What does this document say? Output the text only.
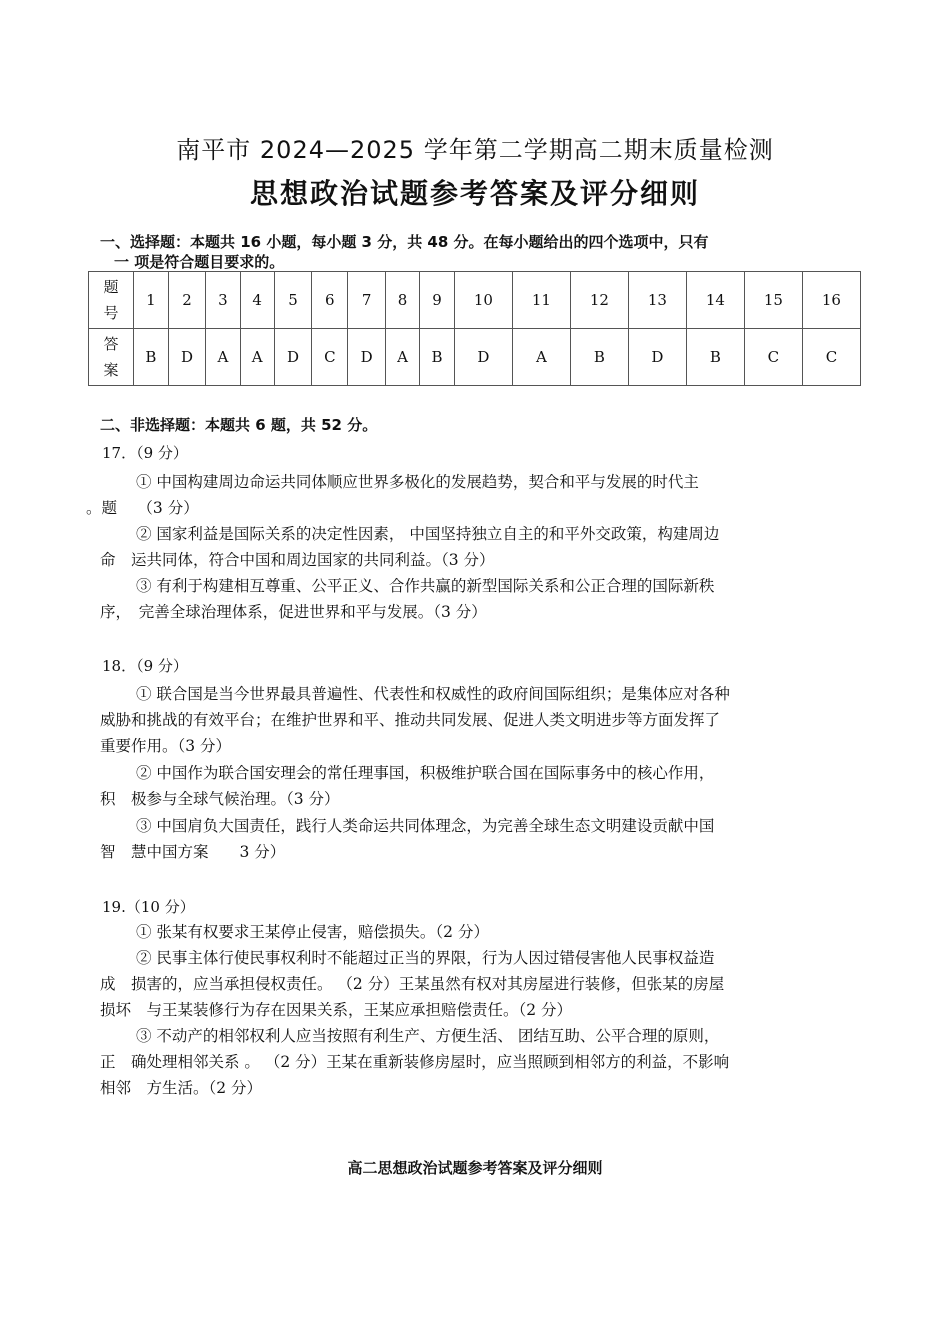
南平市 2024—2025 学年第二学期高二期末质量检测
思想政治试题参考答案及评分细则
一、选择题：本题共 16 小题，每小题 3 分，共 48 分。在每小题给出的四个选项中，只有
一 项是符合题目要求的。
题
号	1	2	3	4	5	6	7	8	9	10	11	12	13	14	15	16
答
案	B	D	A	A	D	C	D	A	B	D	A	B	D	B	C	C
二、非选择题：本题共 6 题，共 52 分。
17．（9 分）
① 中国构建周边命运共同体顺应世界多极化的发展趋势，契合和平与发展的时代主
。题　 （3 分）
② 国家利益是国际关系的决定性因素， 中国坚持独立自主的和平外交政策，构建周边
命　运共同体，符合中国和周边国家的共同利益。（3 分）
③ 有利于构建相互尊重、公平正义、合作共赢的新型国际关系和公正合理的国际新秩
序，　完善全球治理体系，促进世界和平与发展。（3 分）
18．（9 分）
① 联合国是当今世界最具普遍性、代表性和权威性的政府间国际组织；是集体应对各种
威胁和挑战的有效平台；在维护世界和平、推动共同发展、促进人类文明进步等方面发挥了
重要作用。（3 分）
② 中国作为联合国安理会的常任理事国，积极维护联合国在国际事务中的核心作用，
积　极参与全球气候治理。（3 分）
③ 中国肩负大国责任，践行人类命运共同体理念，为完善全球生态文明建设贡献中国
智　慧中国方案　　3 分）
19.（10 分）
① 张某有权要求王某停止侵害，赔偿损失。（2 分）
② 民事主体行使民事权利时不能超过正当的界限，行为人因过错侵害他人民事权益造
成　损害的，应当承担侵权责任。 （2 分）王某虽然有权对其房屋进行装修，但张某的房屋
损坏　与王某装修行为存在因果关系，王某应承担赔偿责任。（2 分）
③ 不动产的相邻权利人应当按照有利生产、方便生活、 团结互助、公平合理的原则，
正　确处理相邻关系 。 （2 分）王某在重新装修房屋时，应当照顾到相邻方的利益，不影响
相邻　方生活。（2 分）
高二思想政治试题参考答案及评分细则
